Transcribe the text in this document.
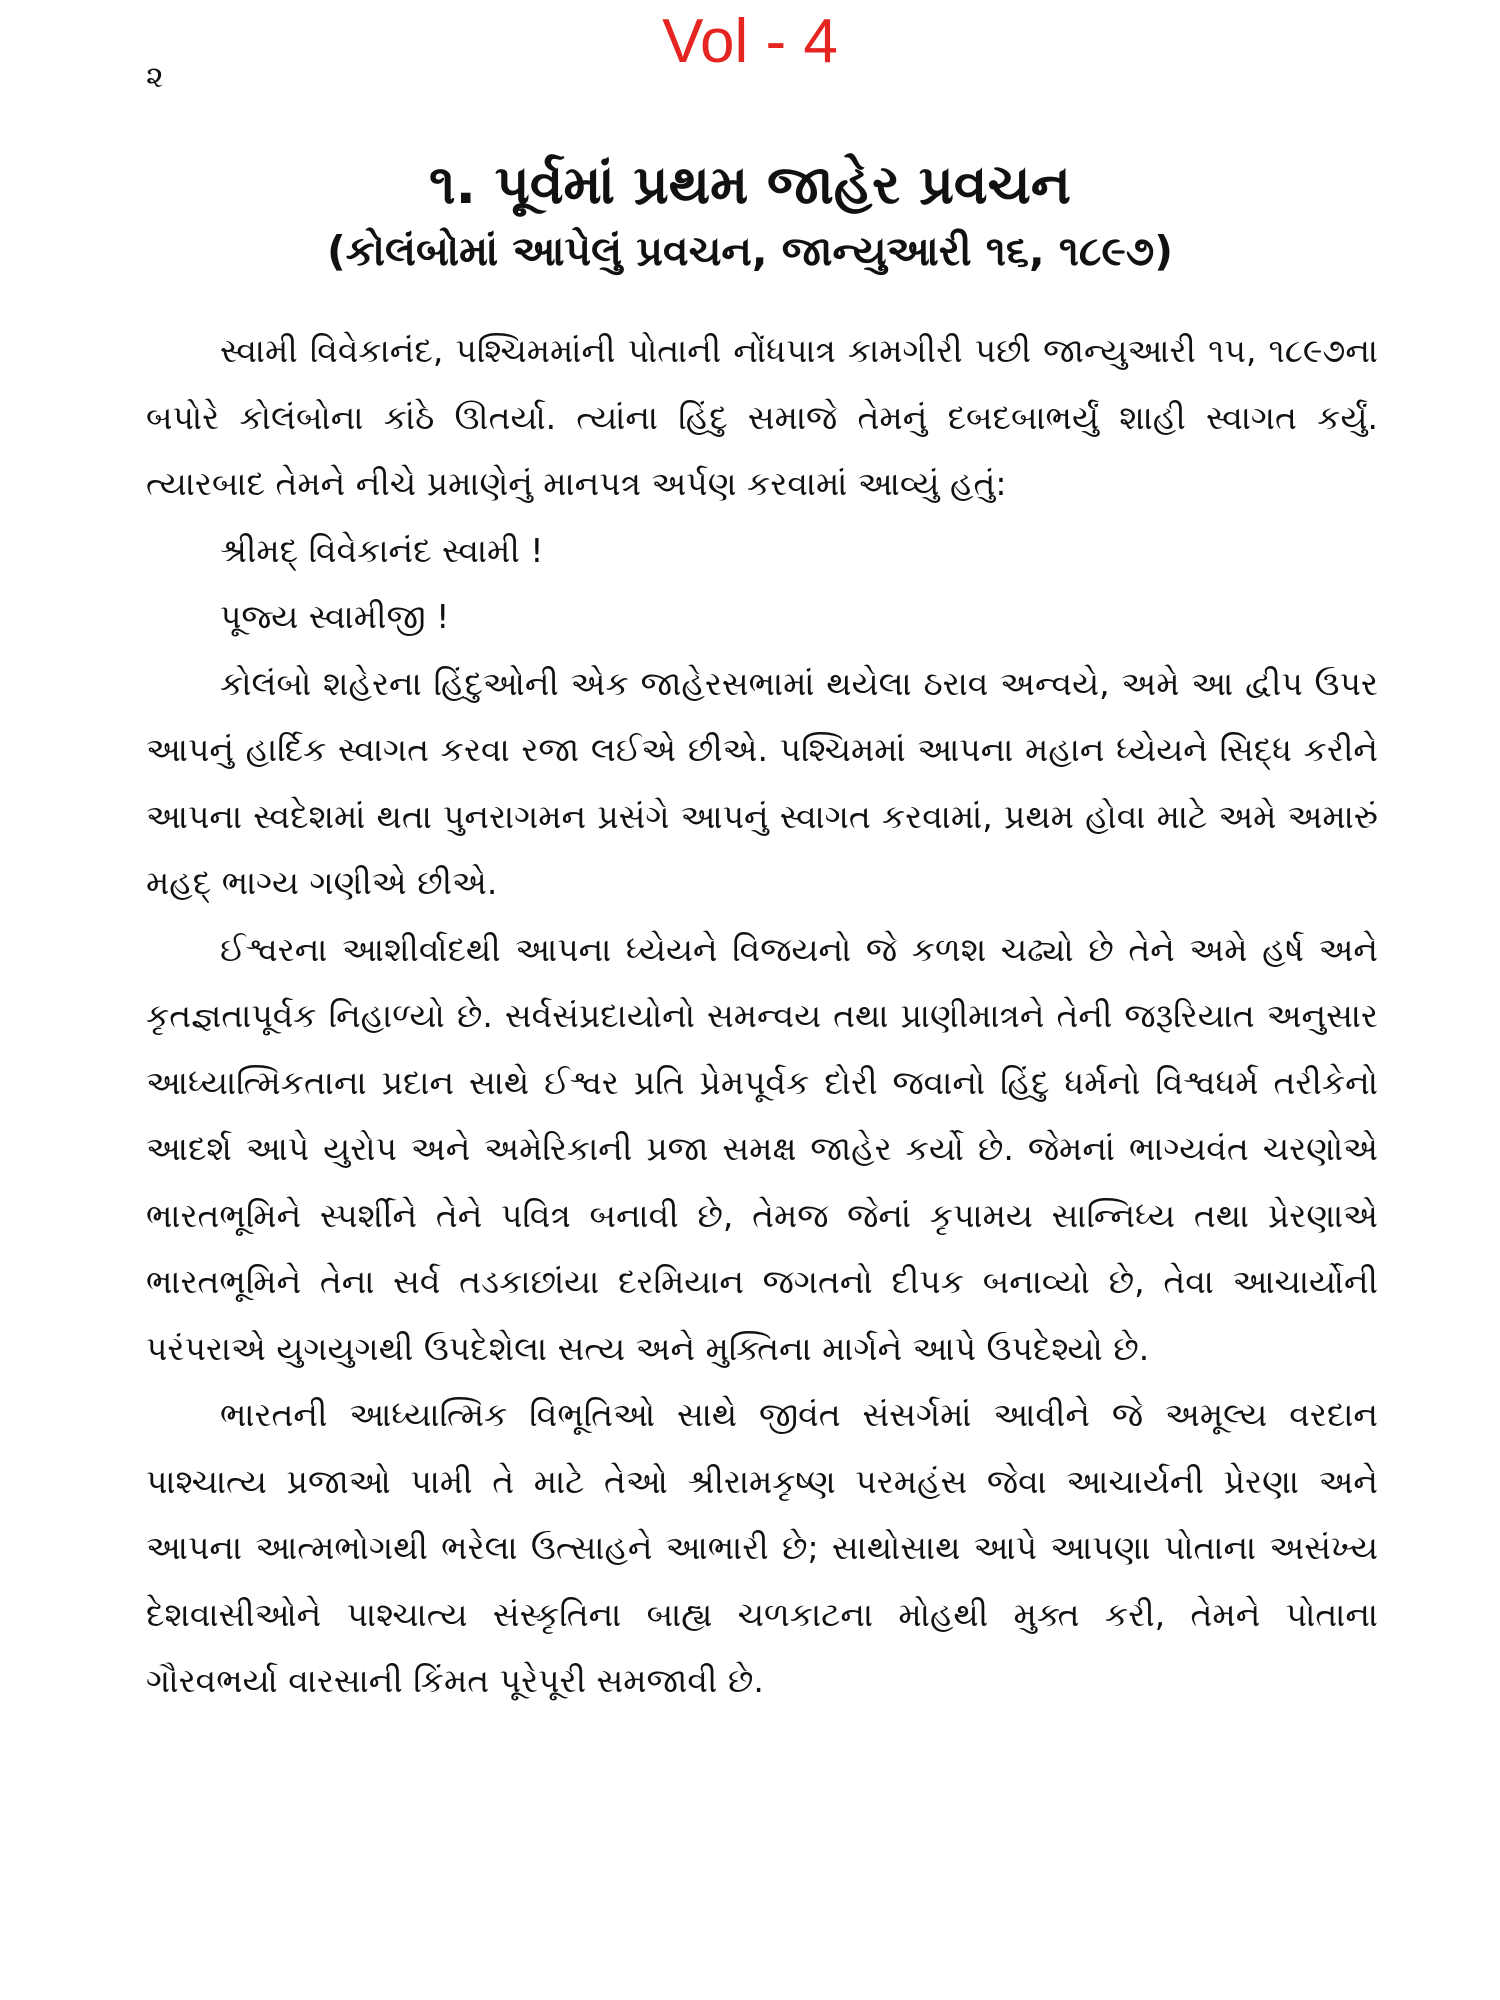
Vol - 4
૨
૧. પૂર્વમાં પ્રથમ જાહેર પ્રવચન
(કોલંબોમાં આપેલું પ્રવચન, જાન્યુઆરી ૧૬, ૧૮૯૭)

સ્વામી વિવેકાનંદ, પશ્ચિમમાંની પોતાની નોંધપાત્ર કામગીરી પછી જાન્યુઆરી ૧૫, ૧૮૯૭ના બપોરે કોલંબોના કાંઠે ઊતર્યા. ત્યાંના હિંદુ સમાજે તેમનું દબદબાભર્યું શાહી સ્વાગત કર્યું. ત્યારબાદ તેમને નીચે પ્રમાણેનું માનપત્ર અર્પણ કરવામાં આવ્યું હતું:

શ્રીમદ્‌ વિવેકાનંદ સ્વામી !

પૂજ્ય સ્વામીજી !

કોલંબો શહેરના હિંદુઓની એક જાહેરસભામાં થયેલા ઠરાવ અન્વયે, અમે આ દ્વીપ ઉપર આપનું હાર્દિક સ્વાગત કરવા રજા લઈએ છીએ. પશ્ચિમમાં આપના મહાન ધ્યેયને સિદ્ધ કરીને આપના સ્વદેશમાં થતા પુનરાગમન પ્રસંગે આપનું સ્વાગત કરવામાં, પ્રથમ હોવા માટે અમે અમારું મહદ્‌ ભાગ્ય ગણીએ છીએ.

ઈશ્વરના આશીર્વાદથી આપના ધ્યેયને વિજયનો જે કળશ ચઢ્યો છે તેને અમે હર્ષ અને કૃતજ્ઞતાપૂર્વક નિહાળ્યો છે. સર્વસંપ્રદાયોનો સમન્વય તથા પ્રાણીમાત્રને તેની જરૂરિયાત અનુસાર આધ્યાત્મિકતાના પ્રદાન સાથે ઈશ્વર પ્રતિ પ્રેમપૂર્વક દોરી જવાનો હિંદુ ધર્મનો વિશ્વધર્મ તરીકેનો આદર્શ આપે યુરોપ અને અમેરિકાની પ્રજા સમક્ષ જાહેર કર્યો છે. જેમનાં ભાગ્યવંત ચરણોએ ભારતભૂમિને સ્પર્શીને તેને પવિત્ર બનાવી છે, તેમજ જેનાં કૃપામય સાન્નિધ્ય તથા પ્રેરણાએ ભારતભૂમિને તેના સર્વ તડકાછાંયા દરમિયાન જગતનો દીપક બનાવ્યો છે, તેવા આચાર્યોની પરંપરાએ યુગયુગથી ઉપદેશેલા સત્ય અને મુક્તિના માર્ગને આપે ઉપદેશ્યો છે.

ભારતની આધ્યાત્મિક વિભૂતિઓ સાથે જીવંત સંસર્ગમાં આવીને જે અમૂલ્ય વરદાન પાશ્ચાત્ય પ્રજાઓ પામી તે માટે તેઓ શ્રીરામકૃષ્ણ પરમહંસ જેવા આચાર્યની પ્રેરણા અને આપના આત્મભોગથી ભરેલા ઉત્સાહને આભારી છે; સાથોસાથ આપે આપણા પોતાના અસંખ્ય દેશવાસીઓને પાશ્ચાત્ય સંસ્કૃતિના બાહ્ય ચળકાટના મોહથી મુક્ત કરી, તેમને પોતાના ગૌરવભર્યા વારસાની કિંમત પૂરેપૂરી સમજાવી છે.
